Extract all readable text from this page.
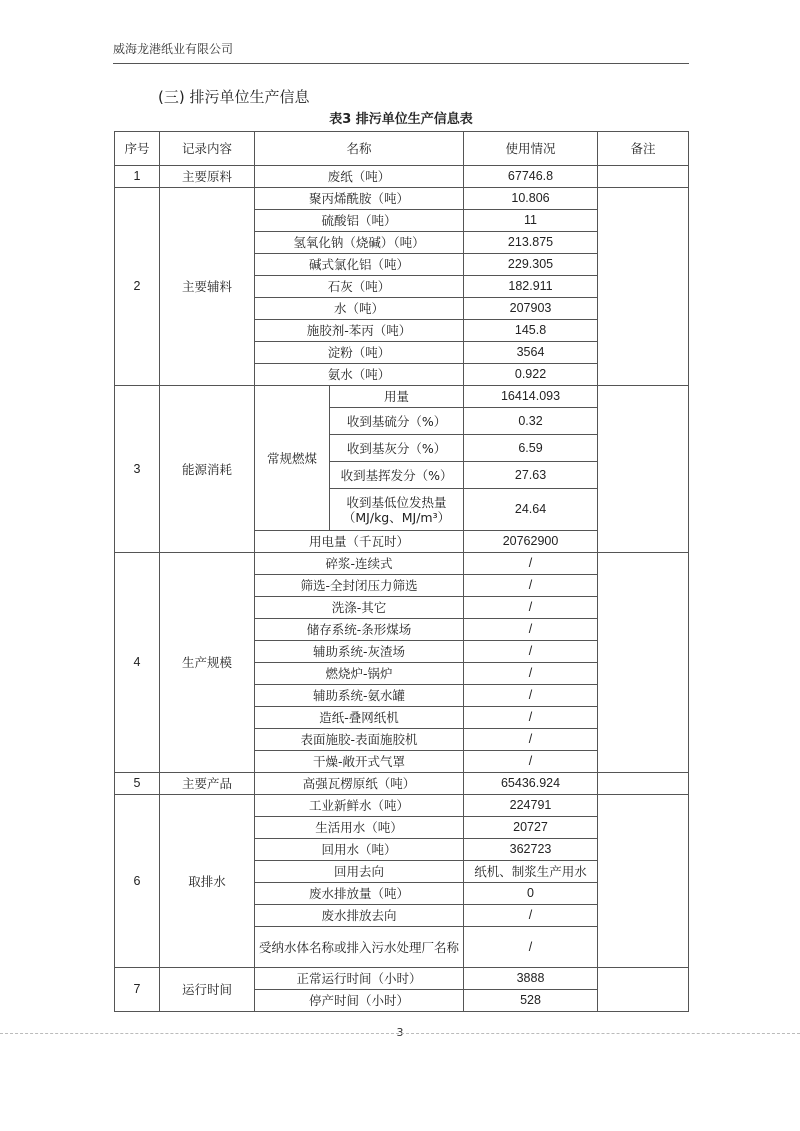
威海龙港纸业有限公司
(三) 排污单位生产信息
表3 排污单位生产信息表
序号	记录内容	名称		使用情况	备注
1	主要原料	废纸（吨）		67746.8	
2	主要辅料	聚丙烯酰胺（吨）		10.806	
		硫酸铝（吨）		11	
		氢氧化钠（烧碱）（吨）		213.875	
		碱式氯化铝（吨）		229.305	
		石灰（吨）		182.911	
		水（吨）		207903	
		施胶剂-苯丙（吨）		145.8	
		淀粉（吨）		3564	
		氨水（吨）		0.922	
3	能源消耗	常规燃煤	用量	16414.093	
			收到基硫分（%）	0.32	
			收到基灰分（%）	6.59	
			收到基挥发分（%）	27.63	
			收到基低位发热量（MJ/kg、MJ/m³）	24.64	
		用电量（千瓦时）		20762900	
4	生产规模	碎浆-连续式		/	
		筛选-全封闭压力筛选		/	
		洗涤-其它		/	
		储存系统-条形煤场		/	
		辅助系统-灰渣场		/	
		燃烧炉-锅炉		/	
		辅助系统-氨水罐		/	
		造纸-叠网纸机		/	
		表面施胶-表面施胶机		/	
		干燥-敞开式气罩		/	
5	主要产品	高强瓦楞原纸（吨）		65436.924	
6	取排水	工业新鲜水（吨）		224791	
		生活用水（吨）		20727	
		回用水（吨）		362723	
		回用去向		纸机、制浆生产用水	
		废水排放量（吨）		0	
		废水排放去向		/	
		受纳水体名称或排入污水处理厂名称		/	
7	运行时间	正常运行时间（小时）		3888	
		停产时间（小时）		528	
3
